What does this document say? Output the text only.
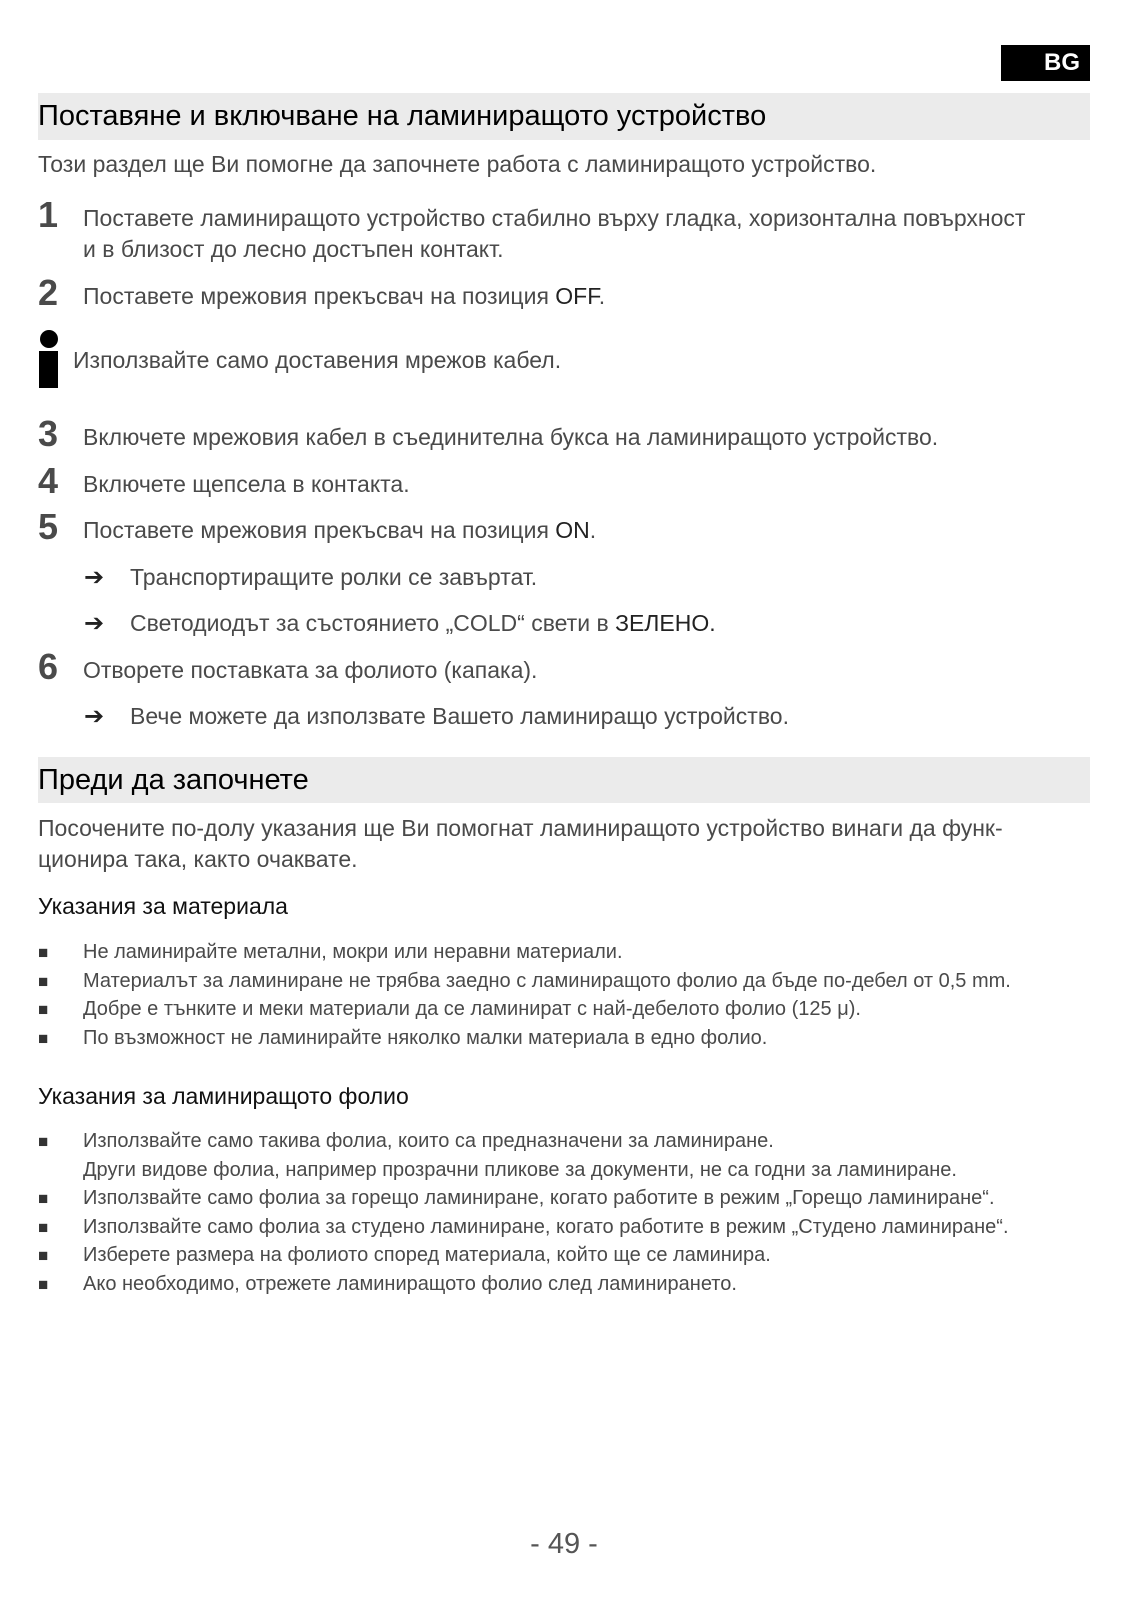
BG
Поставяне и включване на ламиниращото устройство
Този раздел ще Ви помогне да започнете работа с ламиниращото устройство.
1 Поставете ламиниращото устройство стабилно върху гладка, хоризонтална повърхност
и в близост до лесно достъпен контакт.
2 Поставете мрежовия прекъсвач на позиция OFF.
Използвайте само доставения мрежов кабел.
3 Включете мрежовия кабел в съединителна букса на ламиниращото устройство.
4 Включете щепсела в контакта.
5 Поставете мрежовия прекъсвач на позиция ON.
➔ Транспортиращите ролки се завъртат.
➔ Светодиодът за състоянието „COLD“ свети в ЗЕЛЕНО.
6 Отворете поставката за фолиото (капака).
➔ Вече можете да използвате Вашето ламиниращо устройство.
Преди да започнете
Посочените по-долу указания ще Ви помогнат ламиниращото устройство винаги да функ-
ционира така, както очаквате.
Указания за материала
■ Не ламинирайте метални, мокри или неравни материали.
■ Материалът за ламиниране не трябва заедно с ламиниращото фолио да бъде по-дебел от 0,5 mm.
■ Добре е тънките и меки материали да се ламинират с най-дебелото фолио (125 μ).
■ По възможност не ламинирайте няколко малки материала в едно фолио.
Указания за ламиниращото фолио
■ Използвайте само такива фолиа, които са предназначени за ламиниране.
Други видове фолиа, например прозрачни пликове за документи, не са годни за ламиниране.
■ Използвайте само фолиа за горещо ламиниране, когато работите в режим „Горещо ламиниране“.
■ Използвайте само фолиа за студено ламиниране, когато работите в режим „Студено ламиниране“.
■ Изберете размера на фолиото според материала, който ще се ламинира.
■ Ако необходимо, отрежете ламиниращото фолио след ламинирането.
- 49 -
